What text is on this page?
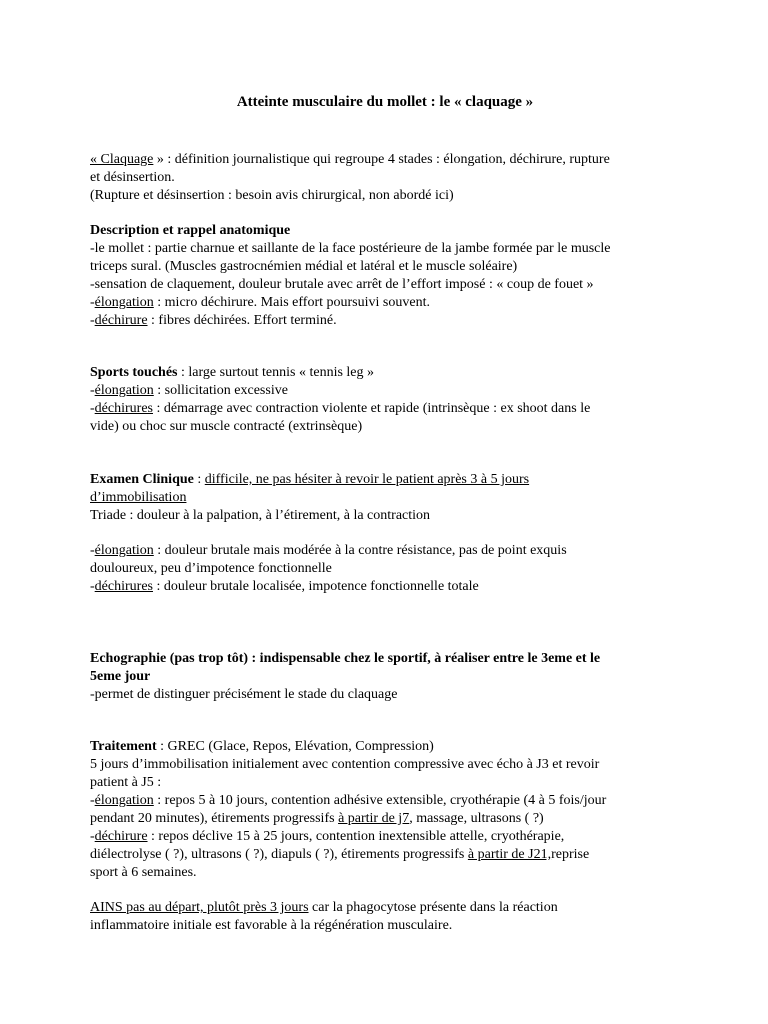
Atteinte musculaire du mollet : le « claquage »
« Claquage » : définition journalistique qui regroupe 4 stades : élongation, déchirure, rupture
et désinsertion.
(Rupture et désinsertion : besoin avis chirurgical, non abordé ici)
Description et rappel anatomique
-le mollet : partie charnue et saillante de la face postérieure de la jambe formée par le muscle
triceps sural. (Muscles gastrocnémien médial et latéral et le muscle soléaire)
-sensation de claquement, douleur brutale avec arrêt de l’effort imposé : « coup de fouet »
-élongation : micro déchirure. Mais effort poursuivi souvent.
-déchirure : fibres déchirées. Effort terminé.
Sports touchés : large surtout tennis « tennis leg »
-élongation : sollicitation excessive
-déchirures : démarrage avec contraction violente et rapide (intrinsèque : ex shoot dans le
vide) ou choc sur muscle contracté (extrinsèque)
Examen Clinique : difficile, ne pas hésiter à revoir le patient après 3 à 5 jours
d’immobilisation
Triade : douleur à la palpation, à l’étirement, à la contraction
-élongation : douleur brutale mais modérée à la contre résistance, pas de point exquis
douloureux, peu d’impotence fonctionnelle
-déchirures : douleur brutale localisée, impotence fonctionnelle totale
Echographie (pas trop tôt) : indispensable chez le sportif, à réaliser entre le 3eme et le
5eme jour
-permet de distinguer précisément le stade du claquage
Traitement : GREC (Glace, Repos, Elévation, Compression)
5 jours d’immobilisation initialement avec contention compressive avec écho à J3 et revoir
patient à J5 :
-élongation : repos 5 à 10 jours, contention adhésive extensible, cryothérapie (4 à 5 fois/jour
pendant 20 minutes), étirements progressifs à partir de j7, massage, ultrasons ( ?)
-déchirure : repos déclive 15 à 25 jours, contention inextensible attelle, cryothérapie,
diélectrolyse ( ?), ultrasons ( ?), diapuls ( ?), étirements progressifs à partir de J21,reprise
sport à 6 semaines.
AINS pas au départ, plutôt près 3 jours car la phagocytose présente dans la réaction
inflammatoire initiale est favorable à la régénération musculaire.
